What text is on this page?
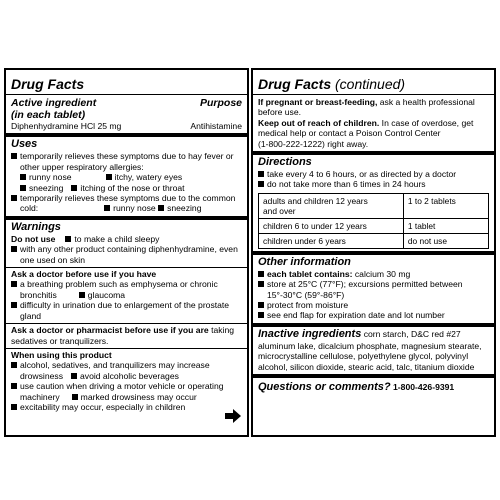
Drug Facts
Active ingredient	Purpose
(in each tablet)
Diphenhydramine HCl 25 mg	Antihistamine
Uses
temporarily relieves these symptoms due to hay fever or
other upper respiratory allergies:
runny nose	itchy, watery eyes
sneezing itching of the nose or throat
temporarily relieves these symptoms due to the common
cold:	runny nose sneezing
Warnings
Do not use to make a child sleepy
with any other product containing diphenhydramine, even
one used on skin
Ask a doctor before use if you have
a breathing problem such as emphysema or chronic
bronchitis	glaucoma
difficulty in urination due to enlargement of the prostate
gland
Ask a doctor or pharmacist before use if you are taking
sedatives or tranquilizers.
When using this product
alcohol, sedatives, and tranquilizers may increase
drowsiness avoid alcoholic beverages
use caution when driving a motor vehicle or operating
machinery marked drowsiness may occur
excitability may occur, especially in children
Drug Facts (continued)
If pregnant or breast-feeding, ask a health professional
before use.
Keep out of reach of children. In case of overdose, get
medical help or contact a Poison Control Center
(1-800-222-1222) right away.
Directions
take every 4 to 6 hours, or as directed by a doctor
do not take more than 6 times in 24 hours
adults and children 12 years
and over	1 to 2 tablets
children 6 to under 12 years	1 tablet
children under 6 years	do not use
Other information
each tablet contains: calcium 30 mg
store at 25°C (77°F); excursions permitted between
15°-30°C (59°-86°F)
protect from moisture
see end flap for expiration date and lot number
Inactive ingredients corn starch, D&C red #27
aluminum lake, dicalcium phosphate, magnesium stearate,
microcrystalline cellulose, polyethylene glycol, polyvinyl
alcohol, silicon dioxide, stearic acid, talc, titanium dioxide
Questions or comments? 1-800-426-9391
